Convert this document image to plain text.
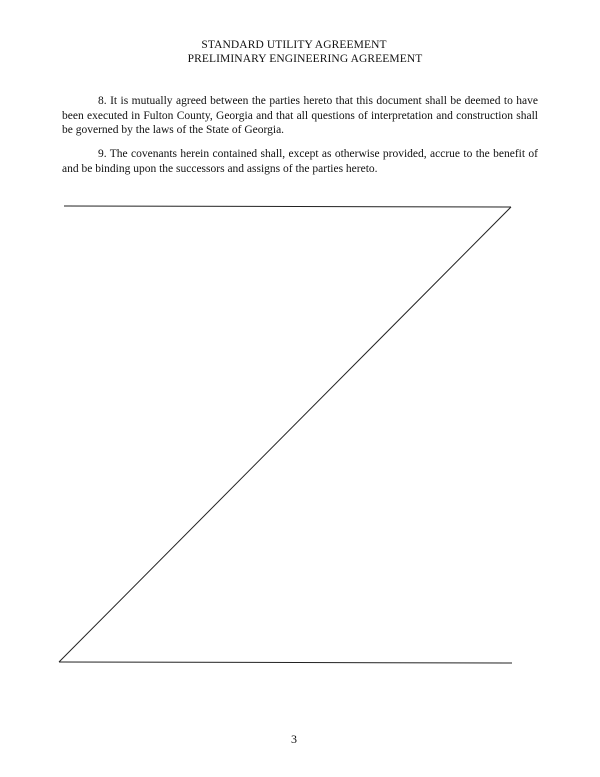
STANDARD UTILITY AGREEMENT
PRELIMINARY ENGINEERING AGREEMENT

8. It is mutually agreed between the parties hereto that this document shall be deemed to have been executed in Fulton County, Georgia and that all questions of interpretation and construction shall be governed by the laws of the State of Georgia.

9. The covenants herein contained shall, except as otherwise provided, accrue to the benefit of and be binding upon the successors and assigns of the parties hereto.

3
